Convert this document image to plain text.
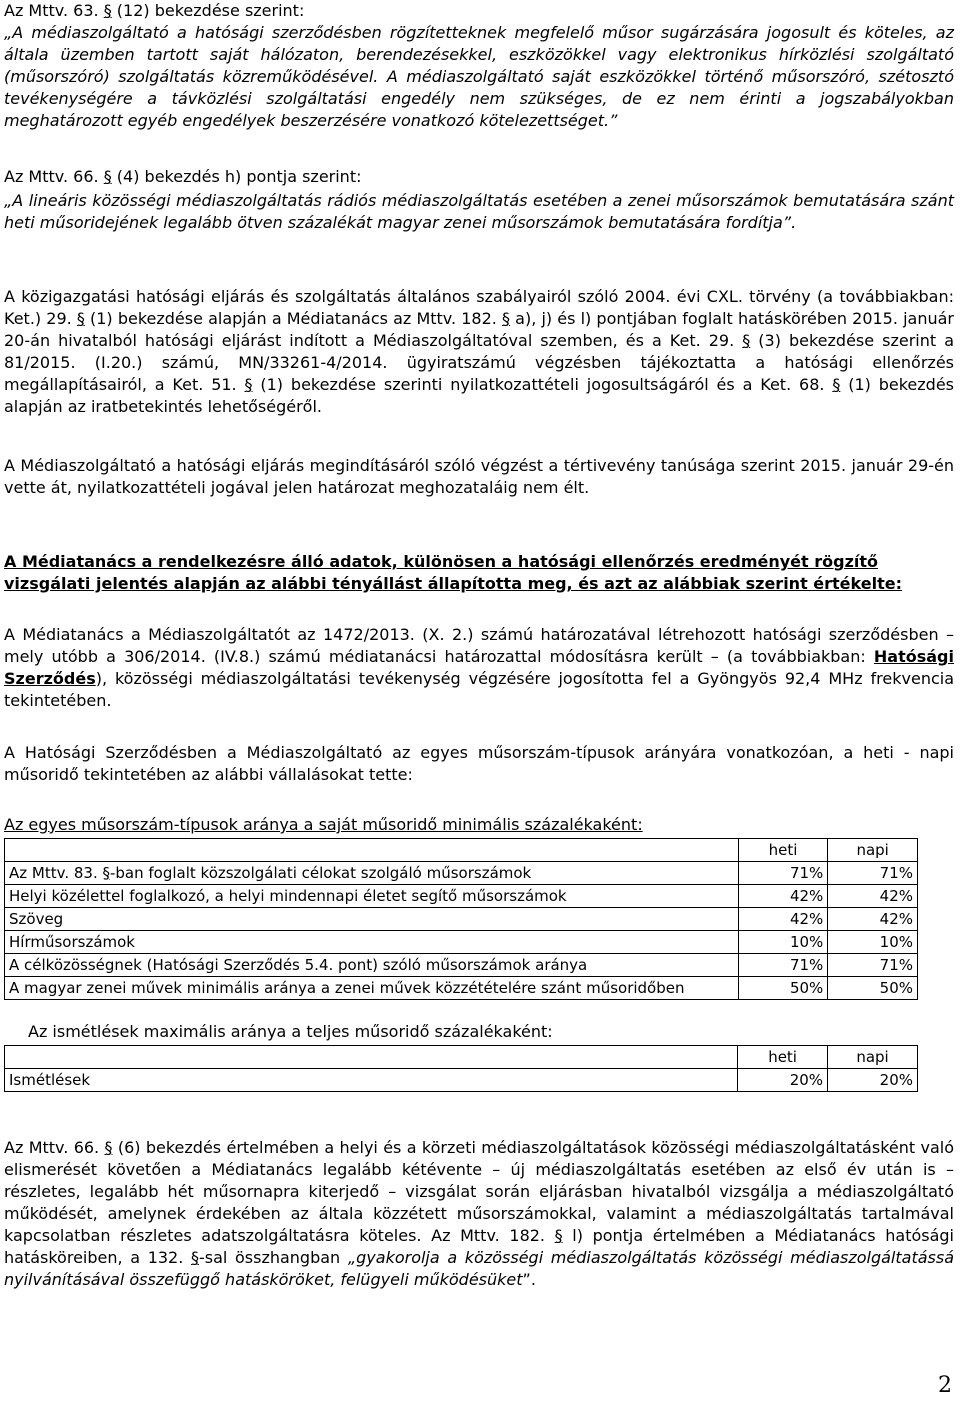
Az Mttv. 63. § (12) bekezdése szerint:

„A médiaszolgáltató a hatósági szerződésben rögzítetteknek megfelelő műsor sugárzására jogosult és köteles, az általa üzemben tartott saját hálózaton, berendezésekkel, eszközökkel vagy elektronikus hírközlési szolgáltató (műsorszóró) szolgáltatás közreműködésével. A médiaszolgáltató saját eszközökkel történő műsorszóró, szétosztó tevékenységére a távközlési szolgáltatási engedély nem szükséges, de ez nem érinti a jogszabályokban meghatározott egyéb engedélyek beszerzésére vonatkozó kötelezettséget.”

Az Mttv. 66. § (4) bekezdés h) pontja szerint:

„A lineáris közösségi médiaszolgáltatás rádiós médiaszolgáltatás esetében a zenei műsorszámok bemutatására szánt heti műsoridejének legalább ötven százalékát magyar zenei műsorszámok bemutatására fordítja”.

A közigazgatási hatósági eljárás és szolgáltatás általános szabályairól szóló 2004. évi CXL. törvény (a továbbiakban: Ket.) 29. § (1) bekezdése alapján a Médiatanács az Mttv. 182. § a), j) és l) pontjában foglalt hatáskörében 2015. január 20-án hivatalból hatósági eljárást indított a Médiaszolgáltatóval szemben, és a Ket. 29. § (3) bekezdése szerint a 81/2015. (I.20.) számú, MN/33261-4/2014. ügyiratszámú végzésben tájékoztatta a hatósági ellenőrzés megállapításairól, a Ket. 51. § (1) bekezdése szerinti nyilatkozattételi jogosultságáról és a Ket. 68. § (1) bekezdés alapján az iratbetekintés lehetőségéről.

A Médiaszolgáltató a hatósági eljárás megindításáról szóló végzést a tértivevény tanúsága szerint 2015. január 29-én vette át, nyilatkozattételi jogával jelen határozat meghozataláig nem élt.

A Médiatanács a rendelkezésre álló adatok, különösen a hatósági ellenőrzés eredményét rögzítő vizsgálati jelentés alapján az alábbi tényállást állapította meg, és azt az alábbiak szerint értékelte:

A Médiatanács a Médiaszolgáltatót az 1472/2013. (X. 2.) számú határozatával létrehozott hatósági szerződésben – mely utóbb a 306/2014. (IV.8.) számú médiatanácsi határozattal módosításra került – (a továbbiakban: Hatósági Szerződés), közösségi médiaszolgáltatási tevékenység végzésére jogosította fel a Gyöngyös 92,4 MHz frekvencia tekintetében.

A Hatósági Szerződésben a Médiaszolgáltató az egyes műsorszám-típusok arányára vonatkozóan, a heti - napi műsoridő tekintetében az alábbi vállalásokat tette:

Az egyes műsorszám-típusok aránya a saját műsoridő minimális százalékaként:
	heti	napi
Az Mttv. 83. §-ban foglalt közszolgálati célokat szolgáló műsorszámok	71%	71%
Helyi közélettel foglalkozó, a helyi mindennapi életet segítő műsorszámok	42%	42%
Szöveg	42%	42%
Hírműsorszámok	10%	10%
A célközösségnek (Hatósági Szerződés 5.4. pont) szóló műsorszámok aránya	71%	71%
A magyar zenei művek minimális aránya a zenei művek közzétételére szánt műsoridőben	50%	50%
Az ismétlések maximális aránya a teljes műsoridő százalékaként:
	heti	napi
Ismétlések	20%	20%

Az Mttv. 66. § (6) bekezdés értelmében a helyi és a körzeti médiaszolgáltatások közösségi médiaszolgáltatásként való elismerését követően a Médiatanács legalább kétévente – új médiaszolgáltatás esetében az első év után is – részletes, legalább hét műsornapra kiterjedő – vizsgálat során eljárásban hivatalból vizsgálja a médiaszolgáltató működését, amelynek érdekében az általa közzétett műsorszámokkal, valamint a médiaszolgáltatás tartalmával kapcsolatban részletes adatszolgáltatásra köteles. Az Mttv. 182. § l) pontja értelmében a Médiatanács hatósági hatásköreiben, a 132. §-sal összhangban „gyakorolja a közösségi médiaszolgáltatás közösségi médiaszolgáltatássá nyilvánításával összefüggő hatásköröket, felügyeli működésüket”.

2
